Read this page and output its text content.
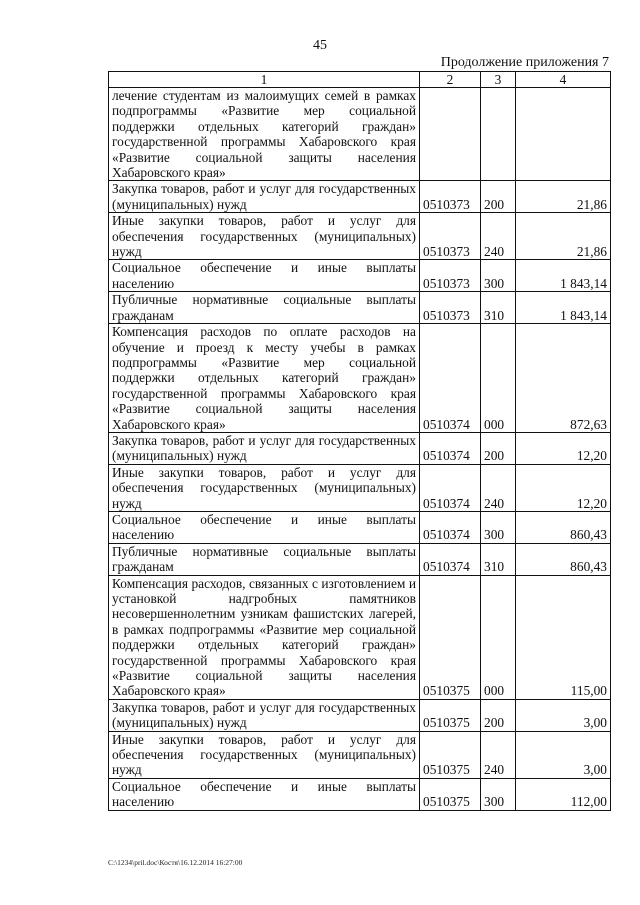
45
Продолжение приложения 7
1	2	3	4
лечение студентам из малоимущих семей в рамках подпрограммы «Развитие мер социальной поддержки отдельных категорий граждан» государственной программы Хабаровского края «Развитие социальной защиты населения Хабаровского края»			
Закупка товаров, работ и услуг для государственных (муниципальных) нужд	0510373	200	21,86
Иные закупки товаров, работ и услуг для обеспечения государственных (муниципальных) нужд	0510373	240	21,86
Социальное обеспечение и иные выплаты населению	0510373	300	1 843,14
Публичные нормативные социальные выплаты гражданам	0510373	310	1 843,14
Компенсация расходов по оплате расходов на обучение и проезд к месту учебы в рамках подпрограммы «Развитие мер социальной поддержки отдельных категорий граждан» государственной программы Хабаровского края «Развитие социальной защиты населения Хабаровского края»	0510374	000	872,63
Закупка товаров, работ и услуг для государственных (муниципальных) нужд	0510374	200	12,20
Иные закупки товаров, работ и услуг для обеспечения государственных (муниципальных) нужд	0510374	240	12,20
Социальное обеспечение и иные выплаты населению	0510374	300	860,43
Публичные нормативные социальные выплаты гражданам	0510374	310	860,43
Компенсация расходов, связанных с изготовлением и установкой надгробных памятников несовершеннолетним узникам фашистских лагерей, в рамках подпрограммы «Развитие мер социальной поддержки отдельных категорий граждан» государственной программы Хабаровского края «Развитие социальной защиты населения Хабаровского края»	0510375	000	115,00
Закупка товаров, работ и услуг для государственных (муниципальных) нужд	0510375	200	3,00
Иные закупки товаров, работ и услуг для обеспечения государственных (муниципальных) нужд	0510375	240	3,00
Социальное обеспечение и иные выплаты населению	0510375	300	112,00
C:\1234\pril.doc\Костя\16.12.2014 16:27:00
